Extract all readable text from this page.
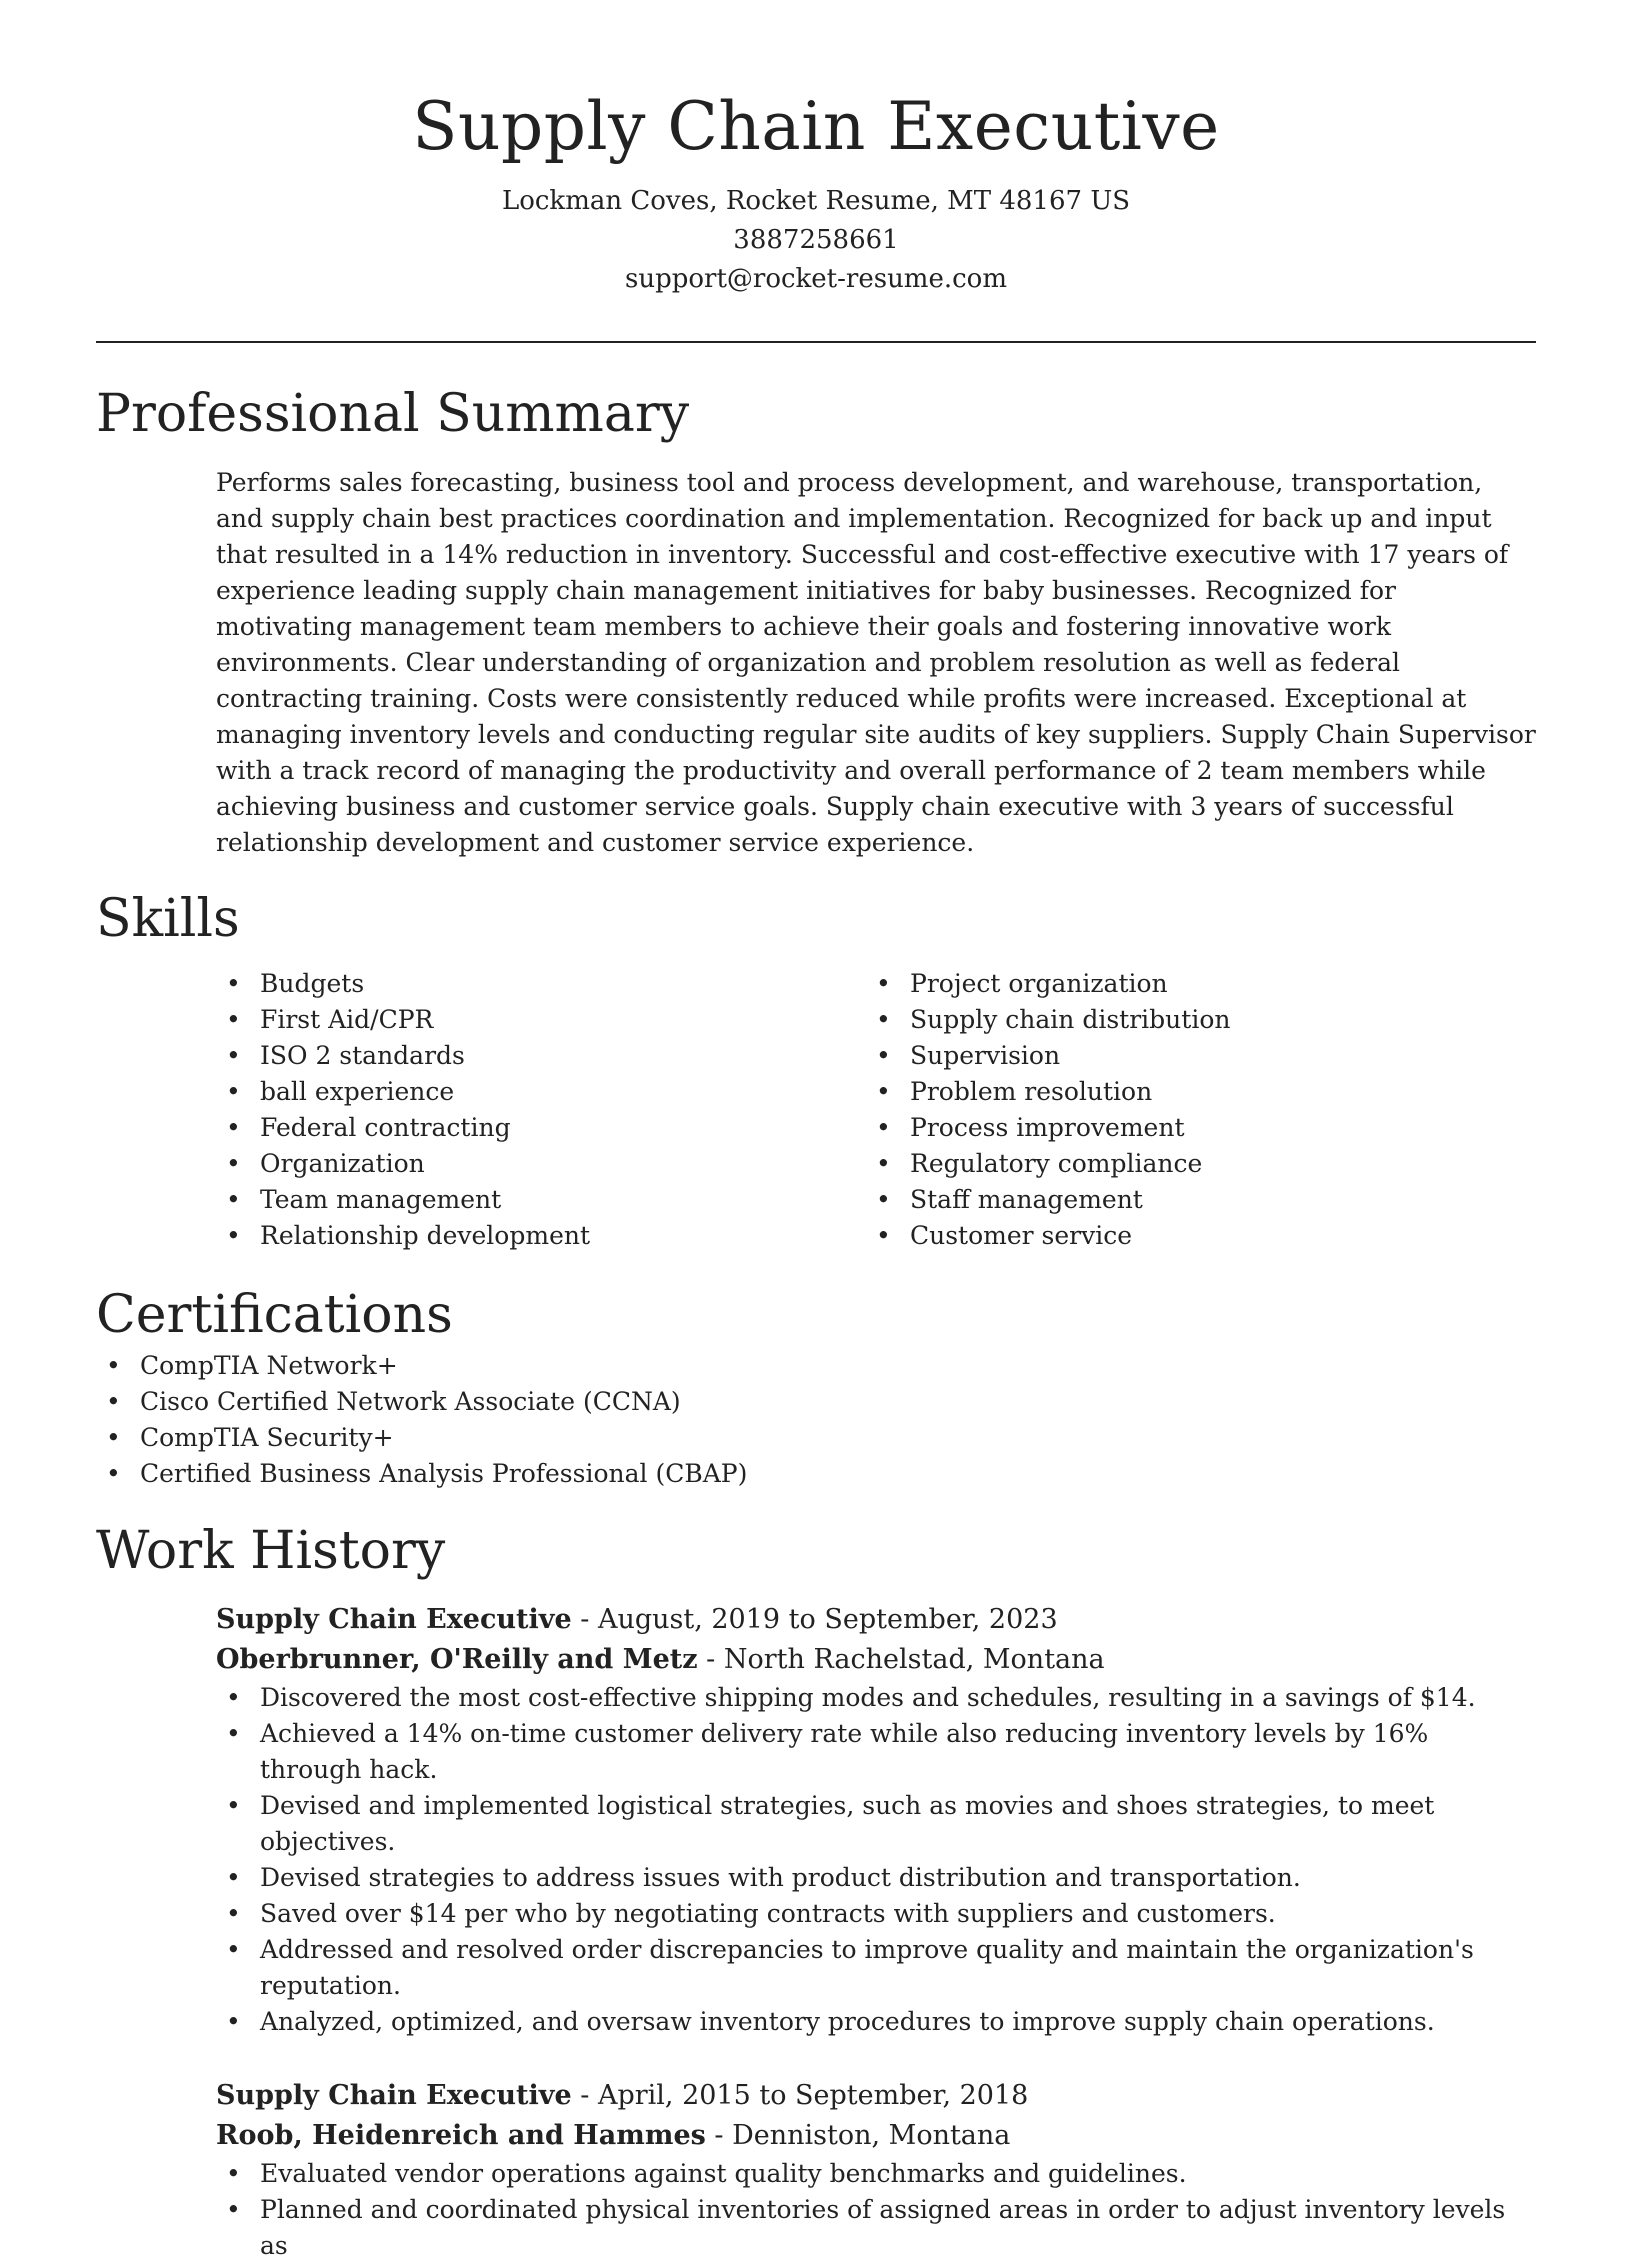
Supply Chain Executive
Lockman Coves, Rocket Resume, MT 48167 US
3887258661
support@rocket-resume.com
Professional Summary

Performs sales forecasting, business tool and process development, and warehouse, transportation, and supply chain best practices coordination and implementation. Recognized for back up and input that resulted in a 14% reduction in inventory. Successful and cost-effective executive with 17 years of experience leading supply chain management initiatives for baby businesses. Recognized for motivating management team members to achieve their goals and fostering innovative work environments. Clear understanding of organization and problem resolution as well as federal contracting training. Costs were consistently reduced while profits were increased. Exceptional at managing inventory levels and conducting regular site audits of key suppliers. Supply Chain Supervisor with a track record of managing the productivity and overall performance of 2 team members while achieving business and customer service goals. Supply chain executive with 3 years of successful relationship development and customer service experience.

Skills
• Budgets
• First Aid/CPR
• ISO 2 standards
• ball experience
• Federal contracting
• Organization
• Team management
• Relationship development
• Project organization
• Supply chain distribution
• Supervision
• Problem resolution
• Process improvement
• Regulatory compliance
• Staff management
• Customer service
Certifications
• CompTIA Network+
• Cisco Certified Network Associate (CCNA)
• CompTIA Security+
• Certified Business Analysis Professional (CBAP)
Work History
Supply Chain Executive - August, 2019 to September, 2023
Oberbrunner, O'Reilly and Metz - North Rachelstad, Montana
• Discovered the most cost-effective shipping modes and schedules, resulting in a savings of $14.
• Achieved a 14% on-time customer delivery rate while also reducing inventory levels by 16% through hack.
• Devised and implemented logistical strategies, such as movies and shoes strategies, to meet objectives.
• Devised strategies to address issues with product distribution and transportation.
• Saved over $14 per who by negotiating contracts with suppliers and customers.
• Addressed and resolved order discrepancies to improve quality and maintain the organization's reputation.
• Analyzed, optimized, and oversaw inventory procedures to improve supply chain operations.
Supply Chain Executive - April, 2015 to September, 2018
Roob, Heidenreich and Hammes - Denniston, Montana
• Evaluated vendor operations against quality benchmarks and guidelines.
• Planned and coordinated physical inventories of assigned areas in order to adjust inventory levels as
